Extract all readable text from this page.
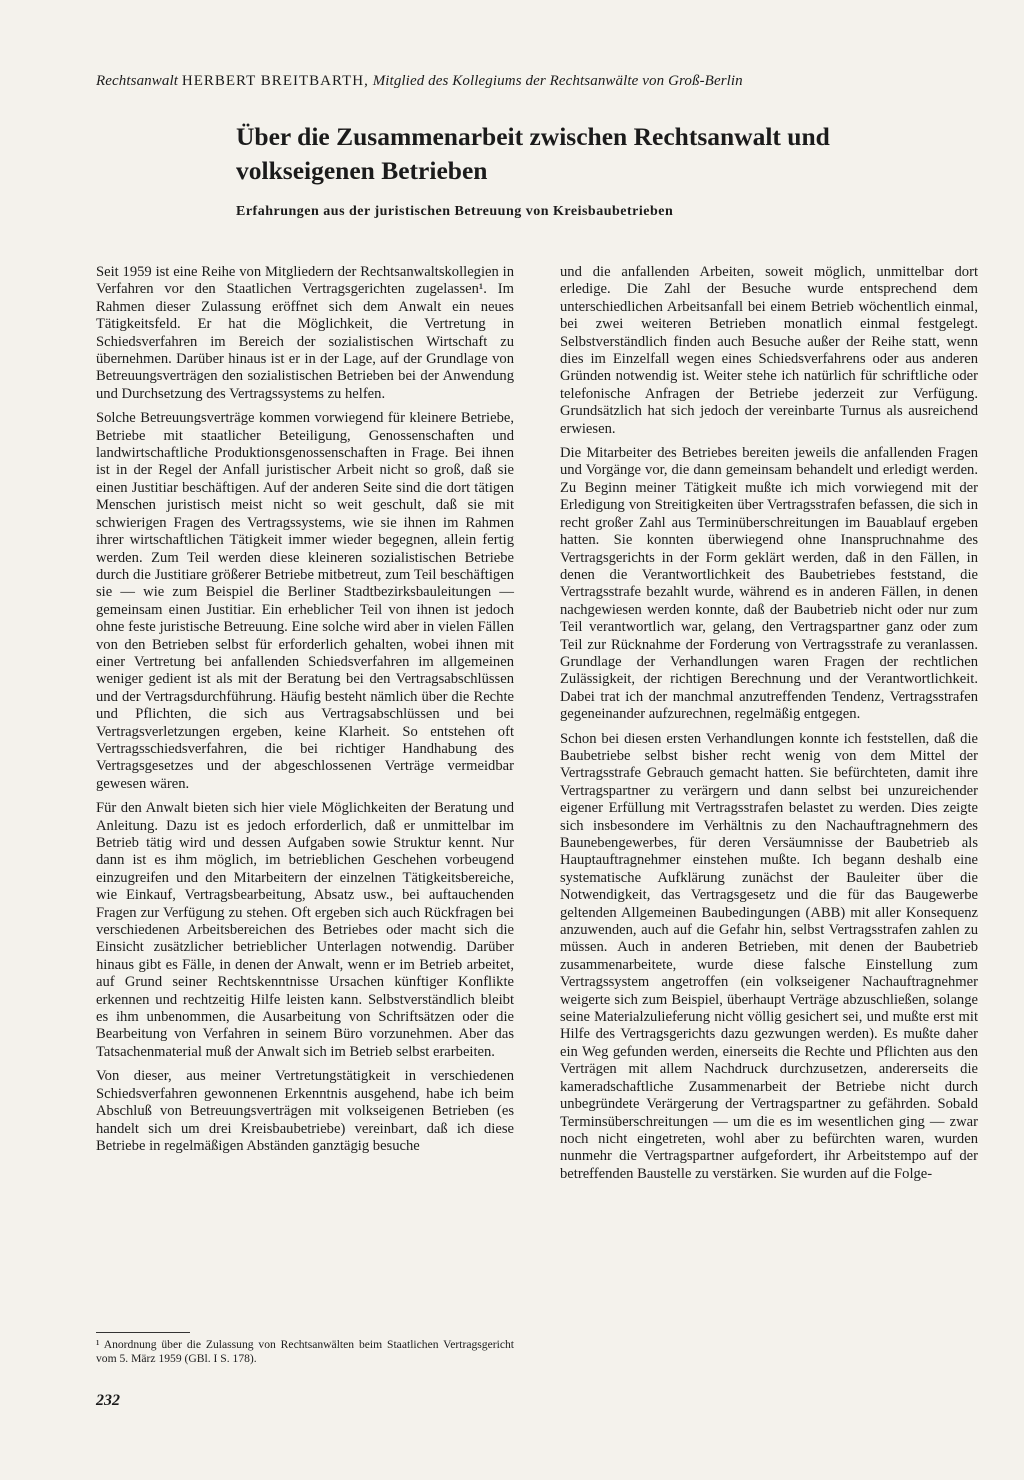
Rechtsanwalt HERBERT BREITBARTH, Mitglied des Kollegiums der Rechtsanwälte von Groß-Berlin
Über die Zusammenarbeit zwischen Rechtsanwalt und volkseigenen Betrieben
Erfahrungen aus der juristischen Betreuung von Kreisbaubetrieben

Seit 1959 ist eine Reihe von Mitgliedern der Rechtsanwaltskollegien in Verfahren vor den Staatlichen Vertragsgerichten zugelassen¹. Im Rahmen dieser Zulassung eröffnet sich dem Anwalt ein neues Tätigkeitsfeld. Er hat die Möglichkeit, die Vertretung in Schiedsverfahren im Bereich der sozialistischen Wirtschaft zu übernehmen. Darüber hinaus ist er in der Lage, auf der Grundlage von Betreuungsverträgen den sozialistischen Betrieben bei der Anwendung und Durchsetzung des Vertragssystems zu helfen.

Solche Betreuungsverträge kommen vorwiegend für kleinere Betriebe, Betriebe mit staatlicher Beteiligung, Genossenschaften und landwirtschaftliche Produktionsgenossenschaften in Frage. Bei ihnen ist in der Regel der Anfall juristischer Arbeit nicht so groß, daß sie einen Justitiar beschäftigen. Auf der anderen Seite sind die dort tätigen Menschen juristisch meist nicht so weit geschult, daß sie mit schwierigen Fragen des Vertragssystems, wie sie ihnen im Rahmen ihrer wirtschaftlichen Tätigkeit immer wieder begegnen, allein fertig werden. Zum Teil werden diese kleineren sozialistischen Betriebe durch die Justitiare größerer Betriebe mitbetreut, zum Teil beschäftigen sie — wie zum Beispiel die Berliner Stadtbezirksbauleitungen — gemeinsam einen Justitiar. Ein erheblicher Teil von ihnen ist jedoch ohne feste juristische Betreuung. Eine solche wird aber in vielen Fällen von den Betrieben selbst für erforderlich gehalten, wobei ihnen mit einer Vertretung bei anfallenden Schiedsverfahren im allgemeinen weniger gedient ist als mit der Beratung bei den Vertragsabschlüssen und der Vertragsdurchführung. Häufig besteht nämlich über die Rechte und Pflichten, die sich aus Vertragsabschlüssen und bei Vertragsverletzungen ergeben, keine Klarheit. So entstehen oft Vertragsschiedsverfahren, die bei richtiger Handhabung des Vertragsgesetzes und der abgeschlossenen Verträge vermeidbar gewesen wären.

Für den Anwalt bieten sich hier viele Möglichkeiten der Beratung und Anleitung. Dazu ist es jedoch erforderlich, daß er unmittelbar im Betrieb tätig wird und dessen Aufgaben sowie Struktur kennt. Nur dann ist es ihm möglich, im betrieblichen Geschehen vorbeugend einzugreifen und den Mitarbeitern der einzelnen Tätigkeitsbereiche, wie Einkauf, Vertragsbearbeitung, Absatz usw., bei auftauchenden Fragen zur Verfügung zu stehen. Oft ergeben sich auch Rückfragen bei verschiedenen Arbeitsbereichen des Betriebes oder macht sich die Einsicht zusätzlicher betrieblicher Unterlagen notwendig. Darüber hinaus gibt es Fälle, in denen der Anwalt, wenn er im Betrieb arbeitet, auf Grund seiner Rechtskenntnisse Ursachen künftiger Konflikte erkennen und rechtzeitig Hilfe leisten kann. Selbstverständlich bleibt es ihm unbenommen, die Ausarbeitung von Schriftsätzen oder die Bearbeitung von Verfahren in seinem Büro vorzunehmen. Aber das Tatsachenmaterial muß der Anwalt sich im Betrieb selbst erarbeiten.

Von dieser, aus meiner Vertretungstätigkeit in verschiedenen Schiedsverfahren gewonnenen Erkenntnis ausgehend, habe ich beim Abschluß von Betreuungsverträgen mit volkseigenen Betrieben (es handelt sich um drei Kreisbaubetriebe) vereinbart, daß ich diese Betriebe in regelmäßigen Abständen ganztägig besuche

und die anfallenden Arbeiten, soweit möglich, unmittelbar dort erledige. Die Zahl der Besuche wurde entsprechend dem unterschiedlichen Arbeitsanfall bei einem Betrieb wöchentlich einmal, bei zwei weiteren Betrieben monatlich einmal festgelegt. Selbstverständlich finden auch Besuche außer der Reihe statt, wenn dies im Einzelfall wegen eines Schiedsverfahrens oder aus anderen Gründen notwendig ist. Weiter stehe ich natürlich für schriftliche oder telefonische Anfragen der Betriebe jederzeit zur Verfügung. Grundsätzlich hat sich jedoch der vereinbarte Turnus als ausreichend erwiesen.

Die Mitarbeiter des Betriebes bereiten jeweils die anfallenden Fragen und Vorgänge vor, die dann gemeinsam behandelt und erledigt werden. Zu Beginn meiner Tätigkeit mußte ich mich vorwiegend mit der Erledigung von Streitigkeiten über Vertragsstrafen befassen, die sich in recht großer Zahl aus Terminüberschreitungen im Bauablauf ergeben hatten. Sie konnten überwiegend ohne Inanspruchnahme des Vertragsgerichts in der Form geklärt werden, daß in den Fällen, in denen die Verantwortlichkeit des Baubetriebes feststand, die Vertragsstrafe bezahlt wurde, während es in anderen Fällen, in denen nachgewiesen werden konnte, daß der Baubetrieb nicht oder nur zum Teil verantwortlich war, gelang, den Vertragspartner ganz oder zum Teil zur Rücknahme der Forderung von Vertragsstrafe zu veranlassen. Grundlage der Verhandlungen waren Fragen der rechtlichen Zulässigkeit, der richtigen Berechnung und der Verantwortlichkeit. Dabei trat ich der manchmal anzutreffenden Tendenz, Vertragsstrafen gegeneinander aufzurechnen, regelmäßig entgegen.

Schon bei diesen ersten Verhandlungen konnte ich feststellen, daß die Baubetriebe selbst bisher recht wenig von dem Mittel der Vertragsstrafe Gebrauch gemacht hatten. Sie befürchteten, damit ihre Vertragspartner zu verärgern und dann selbst bei unzureichender eigener Erfüllung mit Vertragsstrafen belastet zu werden. Dies zeigte sich insbesondere im Verhältnis zu den Nachauftragnehmern des Baunebengewerbes, für deren Versäumnisse der Baubetrieb als Hauptauftragnehmer einstehen mußte. Ich begann deshalb eine systematische Aufklärung zunächst der Bauleiter über die Notwendigkeit, das Vertragsgesetz und die für das Baugewerbe geltenden Allgemeinen Baubedingungen (ABB) mit aller Konsequenz anzuwenden, auch auf die Gefahr hin, selbst Vertragsstrafen zahlen zu müssen. Auch in anderen Betrieben, mit denen der Baubetrieb zusammenarbeitete, wurde diese falsche Einstellung zum Vertragssystem angetroffen (ein volkseigener Nachauftragnehmer weigerte sich zum Beispiel, überhaupt Verträge abzuschließen, solange seine Materialzulieferung nicht völlig gesichert sei, und mußte erst mit Hilfe des Vertragsgerichts dazu gezwungen werden). Es mußte daher ein Weg gefunden werden, einerseits die Rechte und Pflichten aus den Verträgen mit allem Nachdruck durchzusetzen, andererseits die kameradschaftliche Zusammenarbeit der Betriebe nicht durch unbegründete Verärgerung der Vertragspartner zu gefährden. Sobald Terminsüberschreitungen — um die es im wesentlichen ging — zwar noch nicht eingetreten, wohl aber zu befürchten waren, wurden nunmehr die Vertragspartner aufgefordert, ihr Arbeitstempo auf der betreffenden Baustelle zu verstärken. Sie wurden auf die Folge-

¹ Anordnung über die Zulassung von Rechtsanwälten beim Staatlichen Vertragsgericht vom 5. März 1959 (GBl. I S. 178).

232
